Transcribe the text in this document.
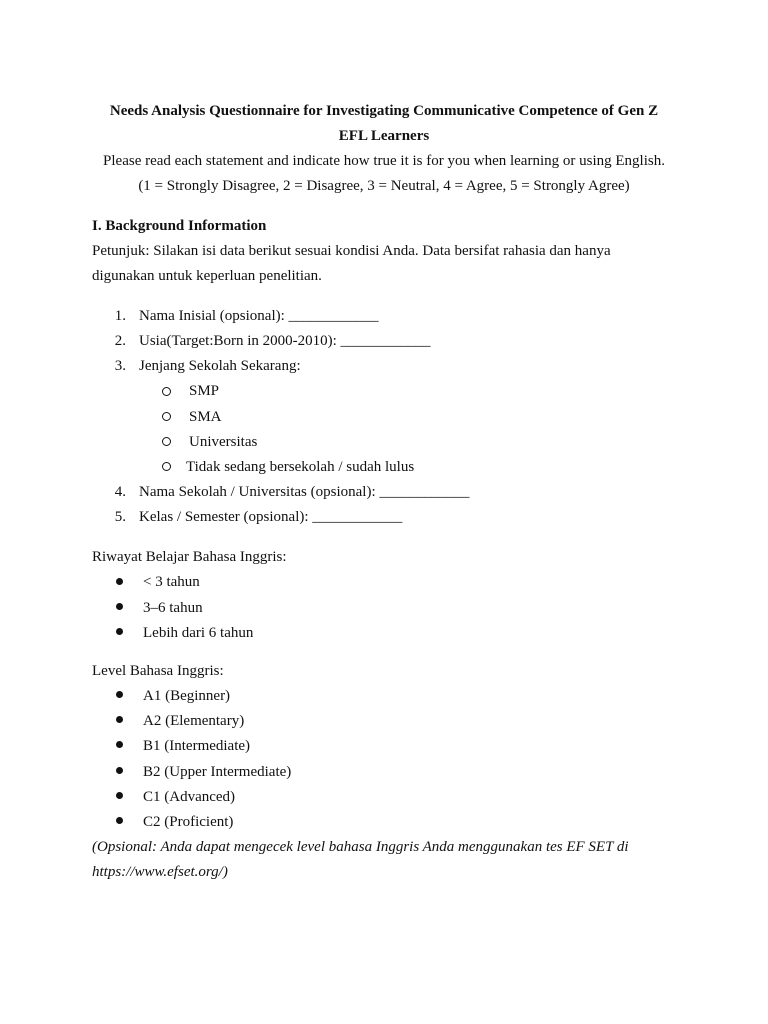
Needs Analysis Questionnaire for Investigating Communicative Competence of Gen Z
EFL Learners
Please read each statement and indicate how true it is for you when learning or using English.
(1 = Strongly Disagree, 2 = Disagree, 3 = Neutral, 4 = Agree, 5 = Strongly Agree)
I. Background Information
Petunjuk: Silakan isi data berikut sesuai kondisi Anda. Data bersifat rahasia dan hanya
digunakan untuk keperluan penelitian.
1. Nama Inisial (opsional): ____________
2. Usia(Target:Born in 2000-2010): ____________
3. Jenjang Sekolah Sekarang:
SMP
SMA
Universitas
Tidak sedang bersekolah / sudah lulus
4. Nama Sekolah / Universitas (opsional): ____________
5. Kelas / Semester (opsional): ____________
Riwayat Belajar Bahasa Inggris:
< 3 tahun
3–6 tahun
Lebih dari 6 tahun
Level Bahasa Inggris:
A1 (Beginner)
A2 (Elementary)
B1 (Intermediate)
B2 (Upper Intermediate)
C1 (Advanced)
C2 (Proficient)
(Opsional: Anda dapat mengecek level bahasa Inggris Anda menggunakan tes EF SET di
https://www.efset.org/)
